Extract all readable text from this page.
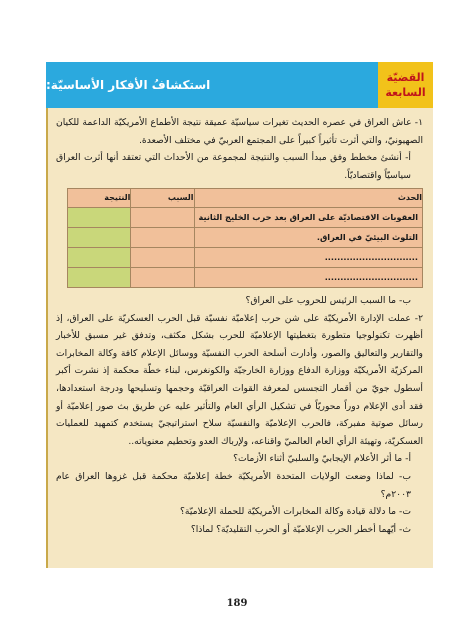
استكشافُ الأفكار الأساسيّة:
القضيّة
السابعة

١- عاش العراق في عصره الحديث تغيرات سياسيّة عميقة نتيجة الأطماع الأمريكيّة الداعمة للكيان الصهيونيّ، والتي أثرت تأثيراً كبيراً على المجتمع العربيّ في مختلف الأصعدة.

أ- أنشئ مخطط وفق مبدأ السبب والنتيجة لمجموعة من الأحداث التي تعتقد أنها أثرت العراق سياسيّاً واقتصاديّاً.

الحدث	السبب	النتيجة
العقوبات الاقتصاديّة على العراق بعد حرب الخليج الثانية		
التلوث البيئيّ في العراق.		
..............................		
..............................		

ب- ما السبب الرئيس للحروب على العراق؟

٢- عملت الإدارة الأمريكيّة على شن حرب إعلاميّة نفسيّة قبل الحرب العسكريّة على العراق، إذ أظهرت تكنولوجيا متطورة بتغطيتها الإعلاميّة للحرب بشكل مكثف، وتدفق غير مسبق للأخبار والتقارير والتعاليق والصور، وأدارت أسلحة الحرب النفسيّة ووسائل الإعلام كافة وكالة المخابرات المركزيّة الأمريكيّة ووزارة الدفاع ووزارة الخارجيّة والكونغرس، لبناء خطّة محكمة إذ نشرت أكبر أسطول جويّ من أقمار التجسس لمعرفة القوات العراقيّة وحجمها وتسليحها ودرجة استعدادها، فقد أدى الإعلام دوراً محوريّاً في تشكيل الرأي العام والتأثير عليه عن طريق بث صور إعلاميّة أو رسائل صوتية مفبركة، فالحرب الإعلاميّة والنفسيّة سلاح استراتيجيّ يستخدم كتمهيد للعمليات العسكريّة، وتهيئة الرأي العام العالميّ واقناعه، ولإرباك العدو وتحطيم معنوياته..

أ- ما أثر الأعلام الإيجابيّ والسلبيّ أثناء الأزمات؟

ب- لماذا وضعت الولايات المتحدة الأمريكيّة خطة إعلاميّة محكمة قبل غزوها العراق عام ٢٠٠٣م؟

ت- ما دلالة قيادة وكالة المخابرات الأمريكيّة للحملة الإعلاميّة؟

ث- أيّهما أخطر الحرب الإعلاميّة أو الحرب التقليديّة؟ لماذا؟

189
